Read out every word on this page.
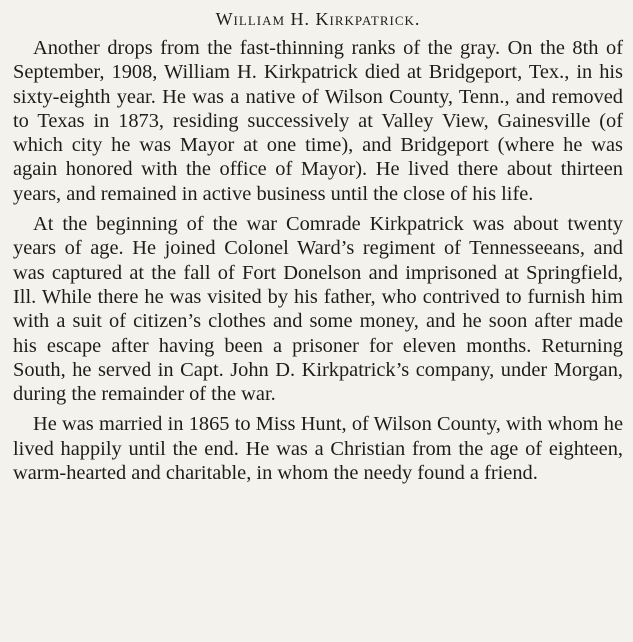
William H. Kirkpatrick.

Another drops from the fast-thinning ranks of the gray. On the 8th of September, 1908, William H. Kirkpatrick died at Bridgeport, Tex., in his sixty-eighth year. He was a native of Wilson County, Tenn., and removed to Texas in 1873, residing successively at Valley View, Gainesville (of which city he was Mayor at one time), and Bridgeport (where he was again honored with the office of Mayor). He lived there about thirteen years, and remained in active business until the close of his life.

At the beginning of the war Comrade Kirkpatrick was about twenty years of age. He joined Colonel Ward’s regiment of Tennesseeans, and was captured at the fall of Fort Donelson and imprisoned at Springfield, Ill. While there he was visited by his father, who contrived to furnish him with a suit of citizen’s clothes and some money, and he soon after made his escape after having been a prisoner for eleven months. Returning South, he served in Capt. John D. Kirkpatrick’s company, under Morgan, during the remainder of the war.

He was married in 1865 to Miss Hunt, of Wilson County, with whom he lived happily until the end. He was a Christian from the age of eighteen, warm-hearted and charitable, in whom the needy found a friend.
